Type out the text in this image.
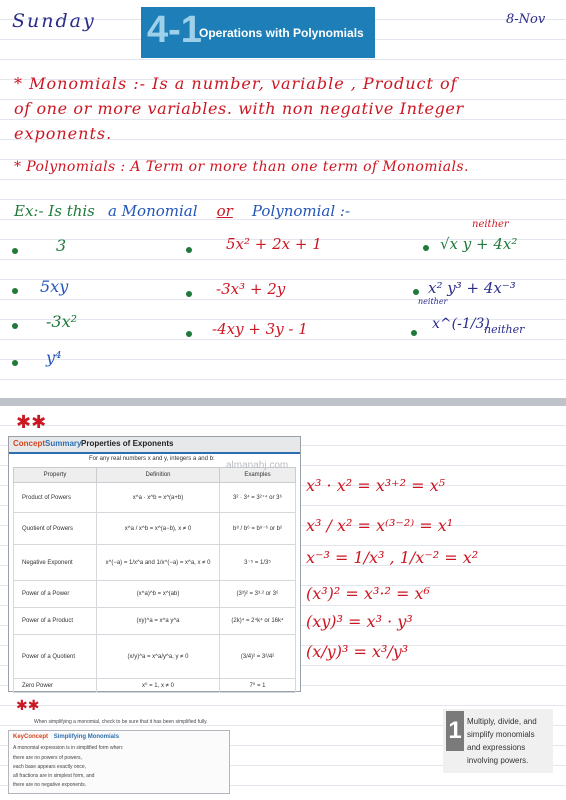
Sunday	8-Nov
4-1
Operations with Polynomials
* Monomials :- Is a number, variable , Product of
of one or more variables. with non negative Integer
exponents.
* Polynomials : A Term or more than one term of Monomials.
Ex:- Is this a Monomial or Polynomial :-
3
5xy
-3x²
y⁴
5x² + 2x + 1
-3x³ + 2y
-4xy + 3y - 1
neither
√x y + 4x²
x² y³ + 4x⁻³
neither
x^(-1/3)
neither
✱✱
ConceptSummary Properties of Exponents
For any real numbers x and y, integers a and b:
Property	Definition	Examples
Product of Powers	x^a · x^b = x^(a+b)	3² · 3⁴ = 3²⁺⁴ or 3⁶
Quotient of Powers	x^a / x^b = x^(a−b), x ≠ 0	b⁸ / b⁶ = b⁸⁻⁶ or b²
Negative Exponent	x^(−a) = 1/x^a and 1/x^(−a) = x^a, x ≠ 0	3⁻⁵ = 1/3⁵
Power of a Power	(x^a)^b = x^(ab)	(3³)² = 3³·² or 3⁶
Power of a Product	(xy)^a = x^a y^a	(2k)⁴ = 2⁴k⁴ or 16k⁴
Power of a Quotient	(x/y)^a = x^a/y^a, y ≠ 0	(3/4)² = 3²/4²
Zero Power	x⁰ = 1, x ≠ 0	7⁰ = 1
almanahj.com
x³ · x² = x³⁺² = x⁵
x³ / x² = x⁽³⁻²⁾ = x¹
x⁻³ = 1/x³ , 1/x⁻² = x²
(x³)² = x³·² = x⁶
(xy)³ = x³ · y³
(x/y)³ = x³/y³
✱✱
When simplifying a monomial, check to be sure that it has been simplified fully.
KeyConcept Simplifying Monomials
A monomial expression is in simplified form when:
there are no powers of powers,
each base appears exactly once,
all fractions are in simplest form, and
there are no negative exponents.
1 Multiply, divide, and
simplify monomials
and expressions
involving powers.
